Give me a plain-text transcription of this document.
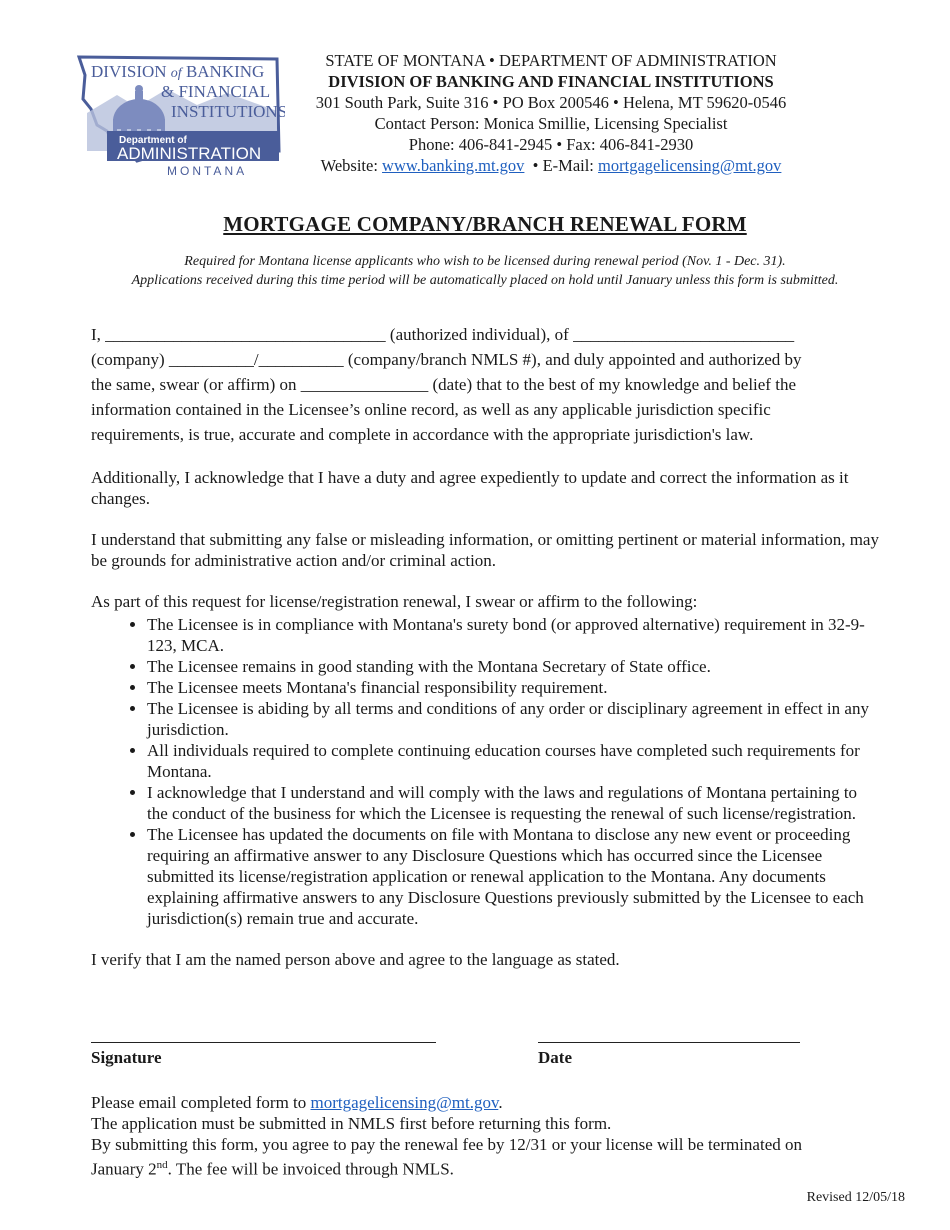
DIVISION of BANKING
& FINANCIAL
INSTITUTIONS
Department of
ADMINISTRATION
MONTANA
STATE OF MONTANA • DEPARTMENT OF ADMINISTRATION
DIVISION OF BANKING AND FINANCIAL INSTITUTIONS
301 South Park, Suite 316 • PO Box 200546 • Helena, MT 59620-0546
Contact Person: Monica Smillie, Licensing Specialist
Phone: 406-841-2945 • Fax: 406-841-2930
Website: www.banking.mt.gov  • E-Mail: mortgagelicensing@mt.gov
MORTGAGE COMPANY/BRANCH RENEWAL FORM
Required for Montana license applicants who wish to be licensed during renewal period (Nov. 1 - Dec. 31).
Applications received during this time period will be automatically placed on hold until January unless this form is submitted.
I, _________________________________ (authorized individual), of __________________________
(company) __________/__________ (company/branch NMLS #), and duly appointed and authorized by
the same, swear (or affirm) on _______________ (date) that to the best of my knowledge and belief the
information contained in the Licensee’s online record, as well as any applicable jurisdiction specific
requirements, is true, accurate and complete in accordance with the appropriate jurisdiction's law.
Additionally, I acknowledge that I have a duty and agree expediently to update and correct the information as it changes.
I understand that submitting any false or misleading information, or omitting pertinent or material information, may be grounds for administrative action and/or criminal action.
As part of this request for license/registration renewal, I swear or affirm to the following:
• The Licensee is in compliance with Montana's surety bond (or approved alternative) requirement in 32-9-123, MCA.
• The Licensee remains in good standing with the Montana Secretary of State office.
• The Licensee meets Montana's financial responsibility requirement.
• The Licensee is abiding by all terms and conditions of any order or disciplinary agreement in effect in any jurisdiction.
• All individuals required to complete continuing education courses have completed such requirements for Montana.
• I acknowledge that I understand and will comply with the laws and regulations of Montana pertaining to the conduct of the business for which the Licensee is requesting the renewal of such license/registration.
• The Licensee has updated the documents on file with Montana to disclose any new event or proceeding requiring an affirmative answer to any Disclosure Questions which has occurred since the Licensee submitted its license/registration application or renewal application to the Montana. Any documents explaining affirmative answers to any Disclosure Questions previously submitted by the Licensee to each jurisdiction(s) remain true and accurate.
I verify that I am the named person above and agree to the language as stated.
Signature	Date
Please email completed form to mortgagelicensing@mt.gov.
The application must be submitted in NMLS first before returning this form.
By submitting this form, you agree to pay the renewal fee by 12/31 or your license will be terminated on
January 2nd. The fee will be invoiced through NMLS.
Revised 12/05/18
